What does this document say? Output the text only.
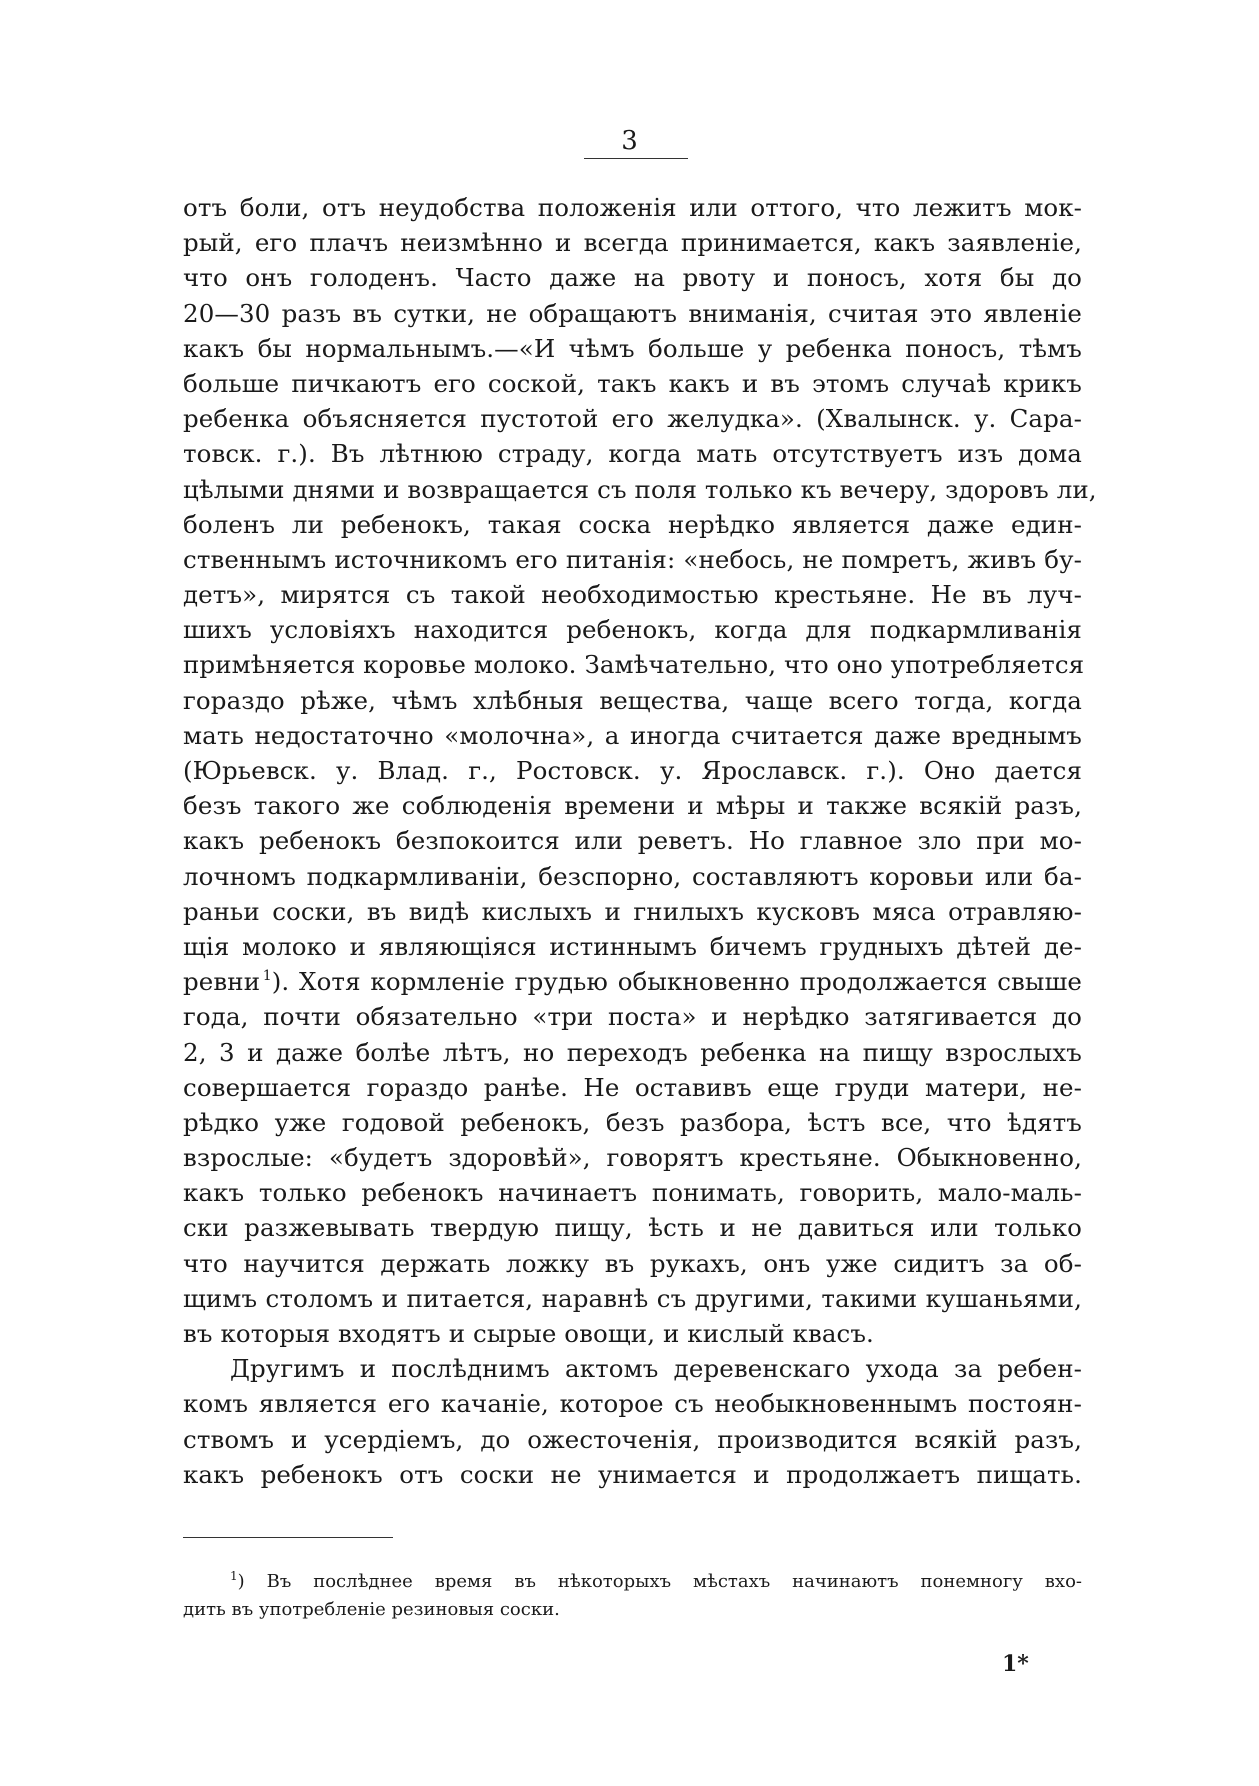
3
отъ боли, отъ неудобства положенія или оттого, что лежитъ мок-
рый, его плачъ неизмѣнно и всегда принимается, какъ заявленіе,
что онъ голоденъ. Часто даже на рвоту и поносъ, хотя бы до
20—30 разъ въ сутки, не обращаютъ вниманія, считая это явленіе
какъ бы нормальнымъ.—«И чѣмъ больше у ребенка поносъ, тѣмъ
больше пичкаютъ его соской, такъ какъ и въ этомъ случаѣ крикъ
ребенка объясняется пустотой его желудка». (Хвалынск. у. Сара-
товск. г.). Въ лѣтнюю страду, когда мать отсутствуетъ изъ дома
цѣлыми днями и возвращается съ поля только къ вечеру, здоровъ ли,
боленъ ли ребенокъ, такая соска нерѣдко является даже един-
ственнымъ источникомъ его питанія: «небось, не помретъ, живъ бу-
детъ», мирятся съ такой необходимостью крестьяне. Не въ луч-
шихъ условіяхъ находится ребенокъ, когда для подкармливанія
примѣняется коровье молоко. Замѣчательно, что оно употребляется
гораздо рѣже, чѣмъ хлѣбныя вещества, чаще всего тогда, когда
мать недостаточно «молочна», а иногда считается даже вреднымъ
(Юрьевск. у. Влад. г., Ростовск. у. Ярославск. г.). Оно дается
безъ такого же соблюденія времени и мѣры и также всякій разъ,
какъ ребенокъ безпокоится или реветъ. Но главное зло при мо-
лочномъ подкармливаніи, безспорно, составляютъ коровьи или ба-
раньи соски, въ видѣ кислыхъ и гнилыхъ кусковъ мяса отравляю-
щія молоко и являющіяся истиннымъ бичемъ грудныхъ дѣтей де-
ревни  $^1$). Хотя кормленіе грудью обыкновенно продолжается свыше
года, почти обязательно «три поста» и нерѣдко затягивается до
2, 3 и даже болѣе лѣтъ, но переходъ ребенка на пищу взрослыхъ
совершается гораздо ранѣе. Не оставивъ еще груди матери, не-
рѣдко уже годовой ребенокъ, безъ разбора, ѣстъ все, что ѣдятъ
взрослые: «будетъ здоровѣй», говорятъ крестьяне. Обыкновенно,
какъ только ребенокъ начинаетъ понимать, говорить, мало-маль-
ски разжевывать твердую пищу, ѣсть и не давиться или только
что научится держать ложку въ рукахъ, онъ уже сидитъ за об-
щимъ столомъ и питается, наравнѣ съ другими, такими кушаньями,
въ которыя входятъ и сырые овощи, и кислый квасъ.
Другимъ и послѣднимъ актомъ деревенскаго ухода за ребен-
комъ является его качаніе, которое съ необыкновеннымъ постоян-
ствомъ и усердіемъ, до ожесточенія, производится всякій разъ,
какъ ребенокъ отъ соски не унимается и продолжаетъ пищать.
$^1$) Въ послѣднее время въ нѣкоторыхъ мѣстахъ начинаютъ понемногу вхо-
дить въ употребленіе резиновыя соски.
1*
